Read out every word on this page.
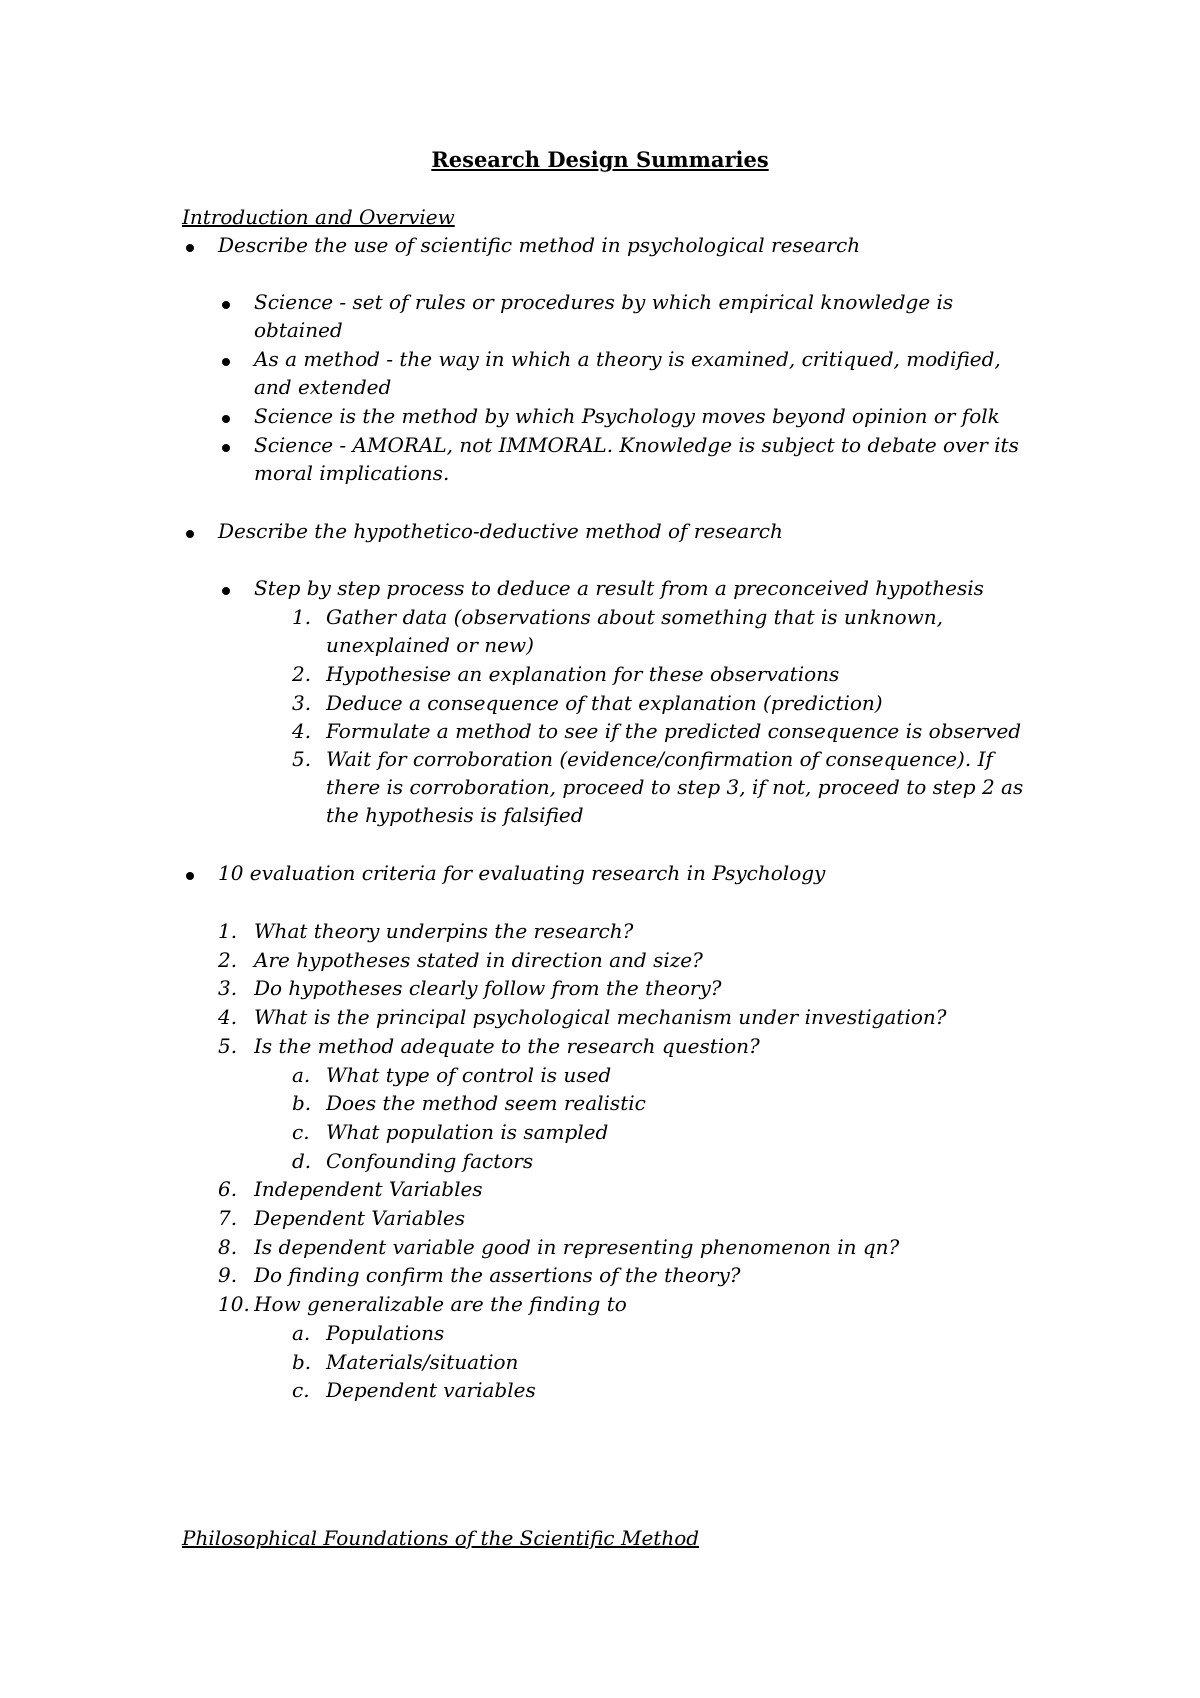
Research Design Summaries
Introduction and Overview
Describe the use of scientific method in psychological research
Science - set of rules or procedures by which empirical knowledge is
obtained
As a method - the way in which a theory is examined, critiqued, modified,
and extended
Science is the method by which Psychology moves beyond opinion or folk
Science - AMORAL, not IMMORAL. Knowledge is subject to debate over its
moral implications.
Describe the hypothetico-deductive method of research
Step by step process to deduce a result from a preconceived hypothesis
1. Gather data (observations about something that is unknown,
unexplained or new)
2. Hypothesise an explanation for these observations
3. Deduce a consequence of that explanation (prediction)
4. Formulate a method to see if the predicted consequence is observed
5. Wait for corroboration (evidence/confirmation of consequence). If
there is corroboration, proceed to step 3, if not, proceed to step 2 as
the hypothesis is falsified
10 evaluation criteria for evaluating research in Psychology
1. What theory underpins the research?
2. Are hypotheses stated in direction and size?
3. Do hypotheses clearly follow from the theory?
4. What is the principal psychological mechanism under investigation?
5. Is the method adequate to the research question?
a. What type of control is used
b. Does the method seem realistic
c. What population is sampled
d. Confounding factors
6. Independent Variables
7. Dependent Variables
8. Is dependent variable good in representing phenomenon in qn?
9. Do finding confirm the assertions of the theory?
10. How generalizable are the finding to
a. Populations
b. Materials/situation
c. Dependent variables
Philosophical Foundations of the Scientific Method
